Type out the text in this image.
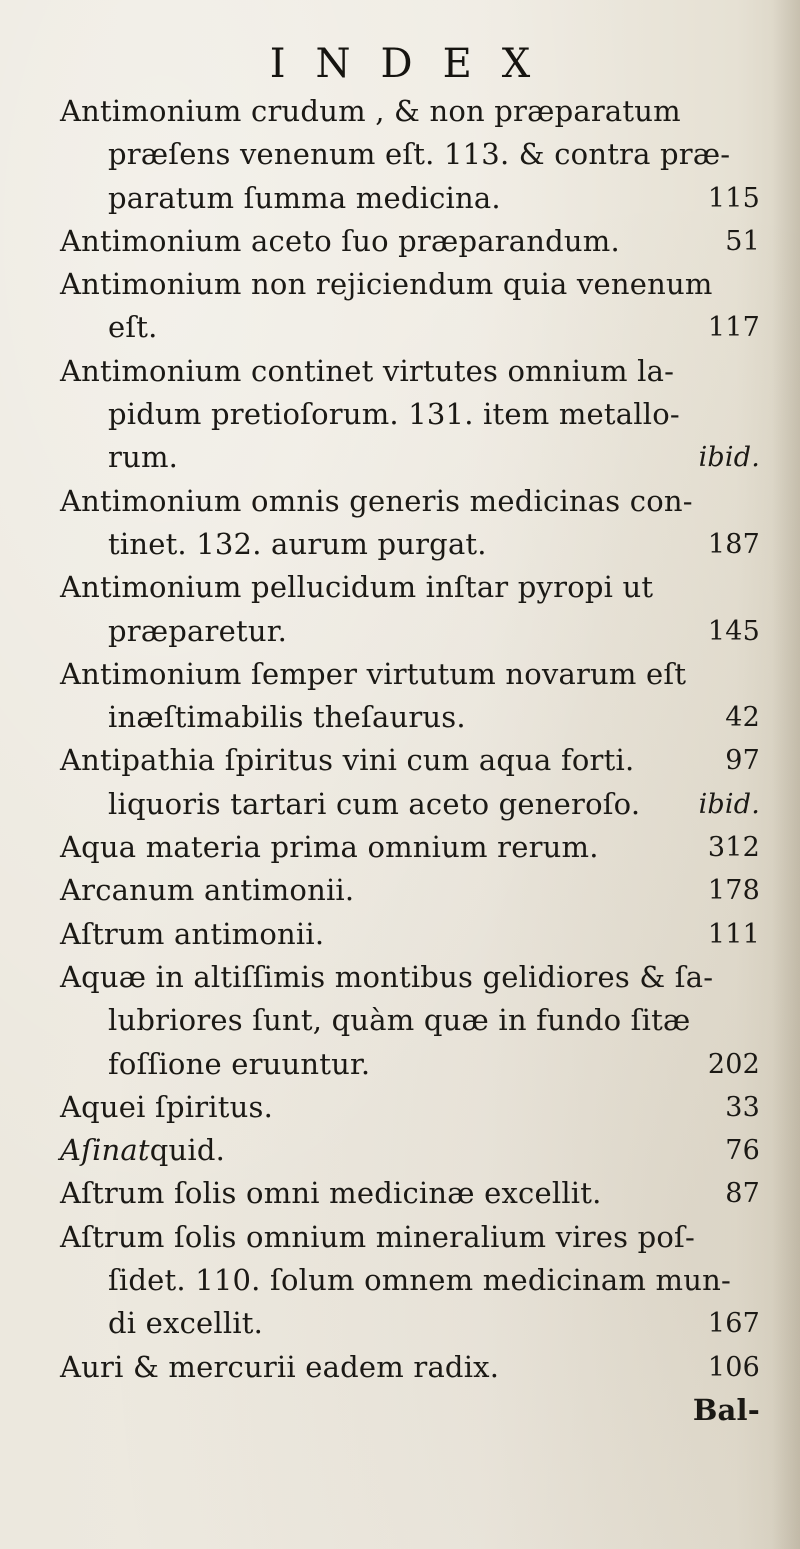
INDEX
Antimonium crudum , & non præparatum
præſens venenum eſt. 113. & contra præ-
paratum ſumma medicina.	115
Antimonium aceto ſuo præparandum.	51
Antimonium non rejiciendum quia venenum
eſt.	117
Antimonium continet virtutes omnium la-
pidum pretioſorum. 131. item metallo-
rum.	ibid.
Antimonium omnis generis medicinas con-
tinet. 132. aurum purgat.	187
Antimonium pellucidum inſtar pyropi ut
præparetur.	145
Antimonium ſemper virtutum novarum eſt
inæſtimabilis theſaurus.	42
Antipathia ſpiritus vini cum aqua forti.	97
liquoris tartari cum aceto generoſo. ibid.
Aqua materia prima omnium rerum.	312
Arcanum antimonii.	178
Aſtrum antimonii.	111
Aquæ in altiſſimis montibus gelidiores & ſa-
lubriores ſunt, quàm quæ in fundo ſitæ
foſſione eruuntur.	202
Aquei ſpiritus.	33
Aſinatquid.	76
Aſtrum ſolis omni medicinæ excellit.	87
Aſtrum ſolis omnium mineralium vires poſ-
ſidet. 110. ſolum omnem medicinam mun-
di excellit.	167
Auri & mercurii eadem radix.	106
Bal-
